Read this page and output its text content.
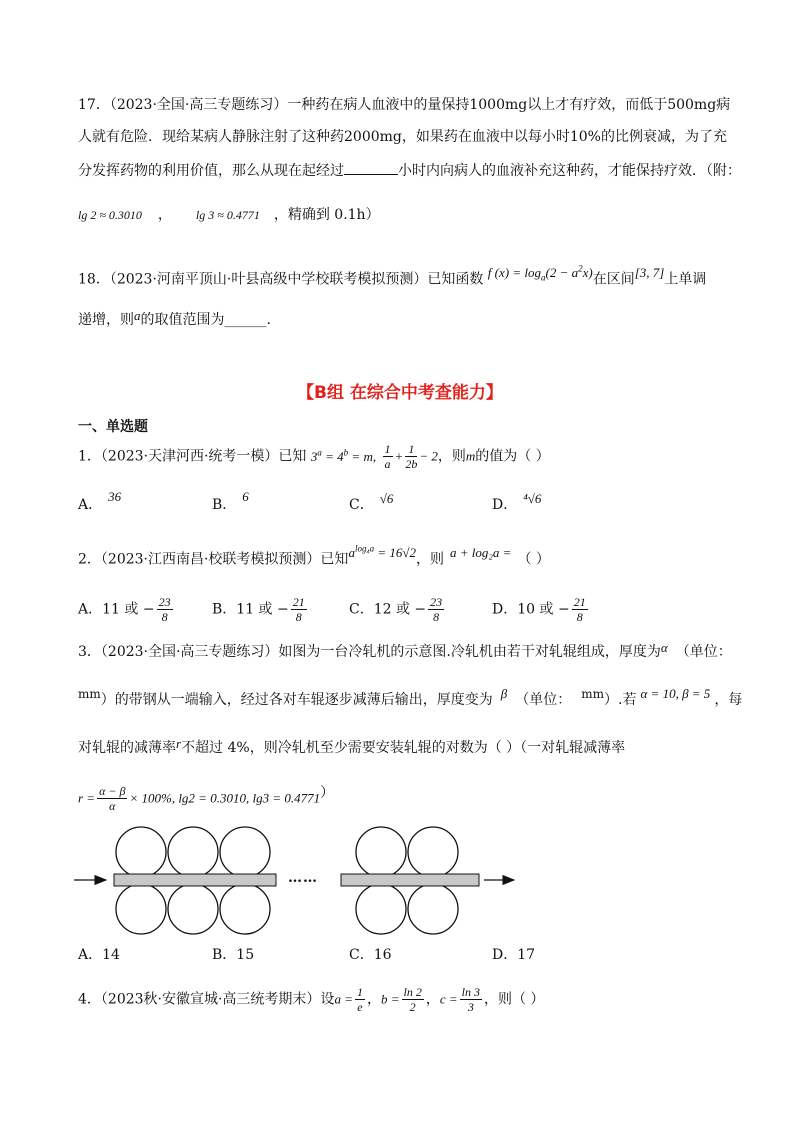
17．（2023·全国·高三专题练习）一种药在病人血液中的量保持1000mg以上才有疗效，而低于500mg病
人就有危险．现给某病人静脉注射了这种药2000mg，如果药在血液中以每小时10%的比例衰减，为了充
分发挥药物的利用价值，那么从现在起经过	小时内向病人的血液补充这种药，才能保持疗效．（附：
lg 2 ≈ 0.3010 ， lg 3 ≈ 0.4771 ，精确到 0.1h）
18．（2023·河南平顶山·叶县高级中学校联考模拟预测）已知函数 f $(x) = \log_a(2 - a^2x)$在区间[3, 7]上单调
递增，则a的取值范围为______.
【B组 在综合中考查能力】
一、单选题
1．（2023·天津河西·统考一模）已知 $3^a = 4^b = m$, $\frac{1}{a} + \frac{1}{2b} - 2$，则m的值为（ ）
A．36
B．6
C． √6	D． ⁴√6
2．（2023·江西南昌·校联考模拟预测）已知$a^{log_4a} = 16√2$，则 a + log₂a = （ ）
A．11 或 − $\frac{23}{8}$	B．11 或 − $\frac{21}{8}$	C．12 或 − $\frac{23}{8}$	D．10 或 − $\frac{21}{8}$
3．（2023·全国·高三专题练习）如图为一台冷轧机的示意图.冷轧机由若干对轧辊组成，厚度为α （单位：
mm）的带钢从一端输入，经过各对车辊逐步减薄后输出，厚度变为 β （单位： mm）.若 α = 10, β = 5 ，每
对轧辊的减薄率r不超过 4%，则冷轧机至少需要安装轧辊的对数为（ ）（一对轧辊减薄率
$r = \frac{\alpha - \beta}{\alpha} \times 100\%$, lg2 = 0.3010, lg3 = 0.4771）
……
A．14	B．15	C．16	D．17
4．（2023秋·安徽宣城·高三统考期末）设$a = \frac{1}{e}$ ，$b = \frac{\ln 2}{2}$ ，$c = \frac{\ln 3}{3}$ ，则（ ）
